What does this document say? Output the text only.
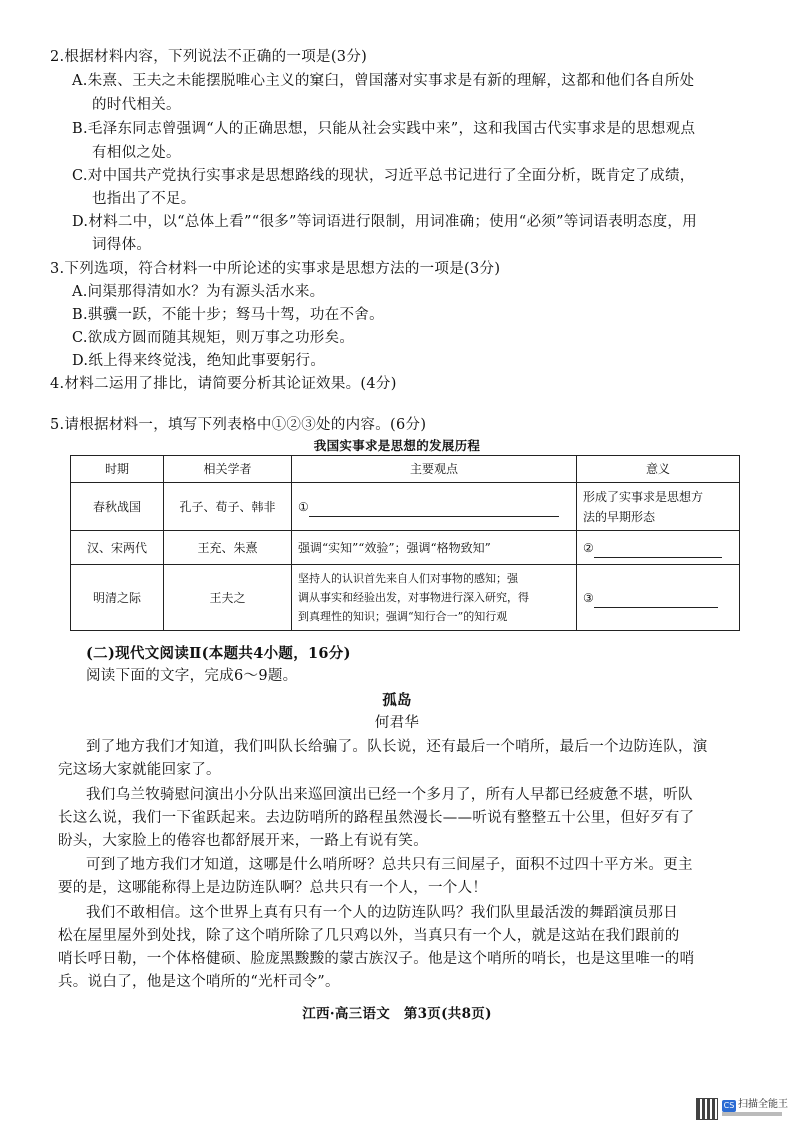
2.根据材料内容，下列说法不正确的一项是(3分)
A.朱熹、王夫之未能摆脱唯心主义的窠臼，曾国藩对实事求是有新的理解，这都和他们各自所处
的时代相关。
B.毛泽东同志曾强调“人的正确思想，只能从社会实践中来”，这和我国古代实事求是的思想观点
有相似之处。
C.对中国共产党执行实事求是思想路线的现状，习近平总书记进行了全面分析，既肯定了成绩，
也指出了不足。
D.材料二中，以“总体上看”“很多”等词语进行限制，用词准确；使用“必须”等词语表明态度，用
词得体。
3.下列选项，符合材料一中所论述的实事求是思想方法的一项是(3分)
A.问渠那得清如水？为有源头活水来。
B.骐骥一跃，不能十步；驽马十驾，功在不舍。
C.欲成方圆而随其规矩，则万事之功形矣。
D.纸上得来终觉浅，绝知此事要躬行。
4.材料二运用了排比，请简要分析其论证效果。(4分)
5.请根据材料一，填写下列表格中①②③处的内容。(6分)
我国实事求是思想的发展历程
时期	相关学者	主要观点	意义
春秋战国	孔子、荀子、韩非	①	形成了实事求是思想方
法的早期形态

汉、宋两代	王充、朱熹	强调“实知”“效验”；强调“格物致知”	②
明清之际	王夫之	坚持人的认识首先来自人们对事物的感知；强
调从事实和经验出发，对事物进行深入研究，得
到真理性的知识；强调“知行合一”的知行观	③
(二)现代文阅读Ⅱ(本题共4小题，16分)
阅读下面的文字，完成6～9题。
孤岛
何君华
到了地方我们才知道，我们叫队长给骗了。队长说，还有最后一个哨所，最后一个边防连队，演
完这场大家就能回家了。
我们乌兰牧骑慰问演出小分队出来巡回演出已经一个多月了，所有人早都已经疲惫不堪，听队
长这么说，我们一下雀跃起来。去边防哨所的路程虽然漫长——听说有整整五十公里，但好歹有了
盼头，大家脸上的倦容也都舒展开来，一路上有说有笑。
可到了地方我们才知道，这哪是什么哨所呀？总共只有三间屋子，面积不过四十平方米。更主
要的是，这哪能称得上是边防连队啊？总共只有一个人，一个人！
我们不敢相信。这个世界上真有只有一个人的边防连队吗？我们队里最活泼的舞蹈演员那日
松在屋里屋外到处找，除了这个哨所除了几只鸡以外，当真只有一个人，就是这站在我们跟前的
哨长呼日勒，一个体格健硕、脸庞黑黢黢的蒙古族汉子。他是这个哨所的哨长，也是这里唯一的哨
兵。说白了，他是这个哨所的“光杆司令”。
江西·高三语文　第3页(共8页)
CS 扫描全能王
